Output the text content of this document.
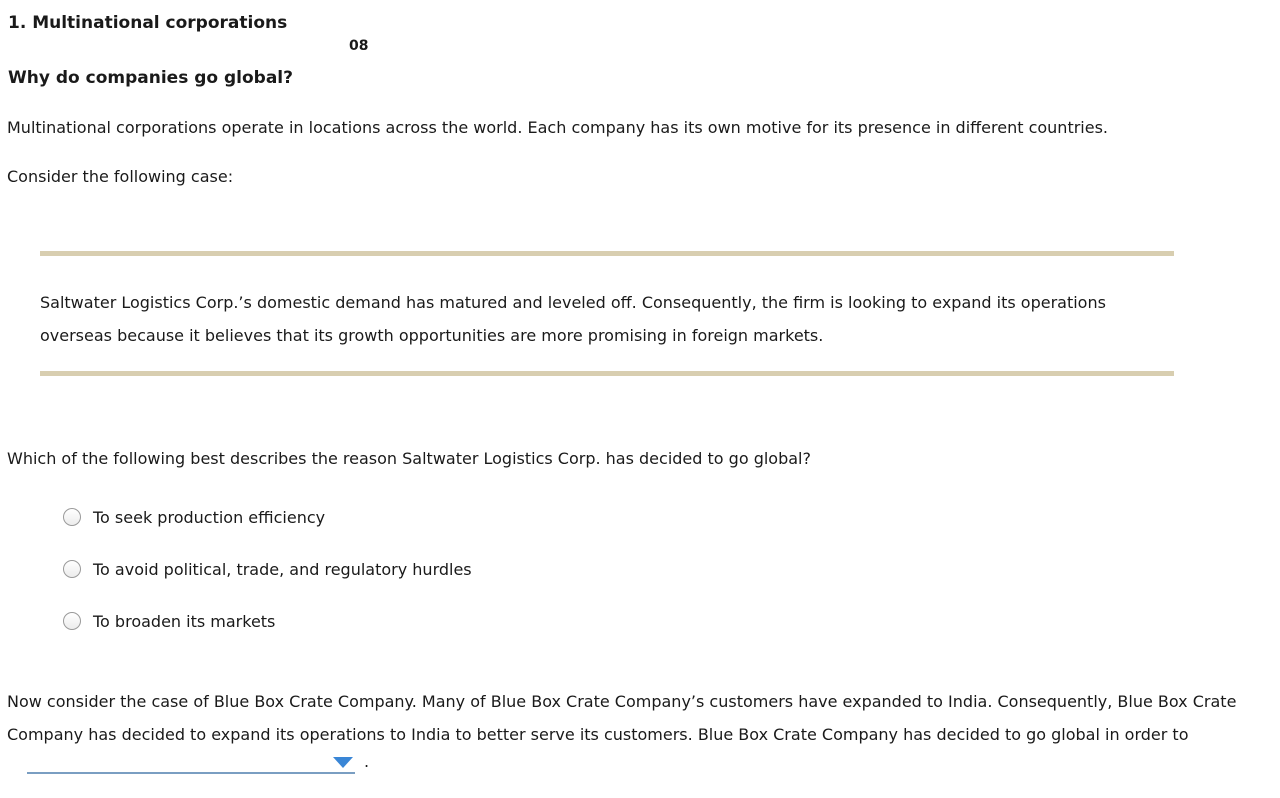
1. Multinational corporations
08
Why do companies go global?

Multinational corporations operate in locations across the world. Each company has its own motive for its presence in different countries.

Consider the following case:

Saltwater Logistics Corp.’s domestic demand has matured and leveled off. Consequently, the firm is looking to expand its operations overseas because it believes that its growth opportunities are more promising in foreign markets.

Which of the following best describes the reason Saltwater Logistics Corp. has decided to go global?

To seek production efficiency
To avoid political, trade, and regulatory hurdles
To broaden its markets

Now consider the case of Blue Box Crate Company. Many of Blue Box Crate Company’s customers have expanded to India. Consequently, Blue Box Crate Company has decided to expand its operations to India to better serve its customers. Blue Box Crate Company has decided to go global in order to

.
